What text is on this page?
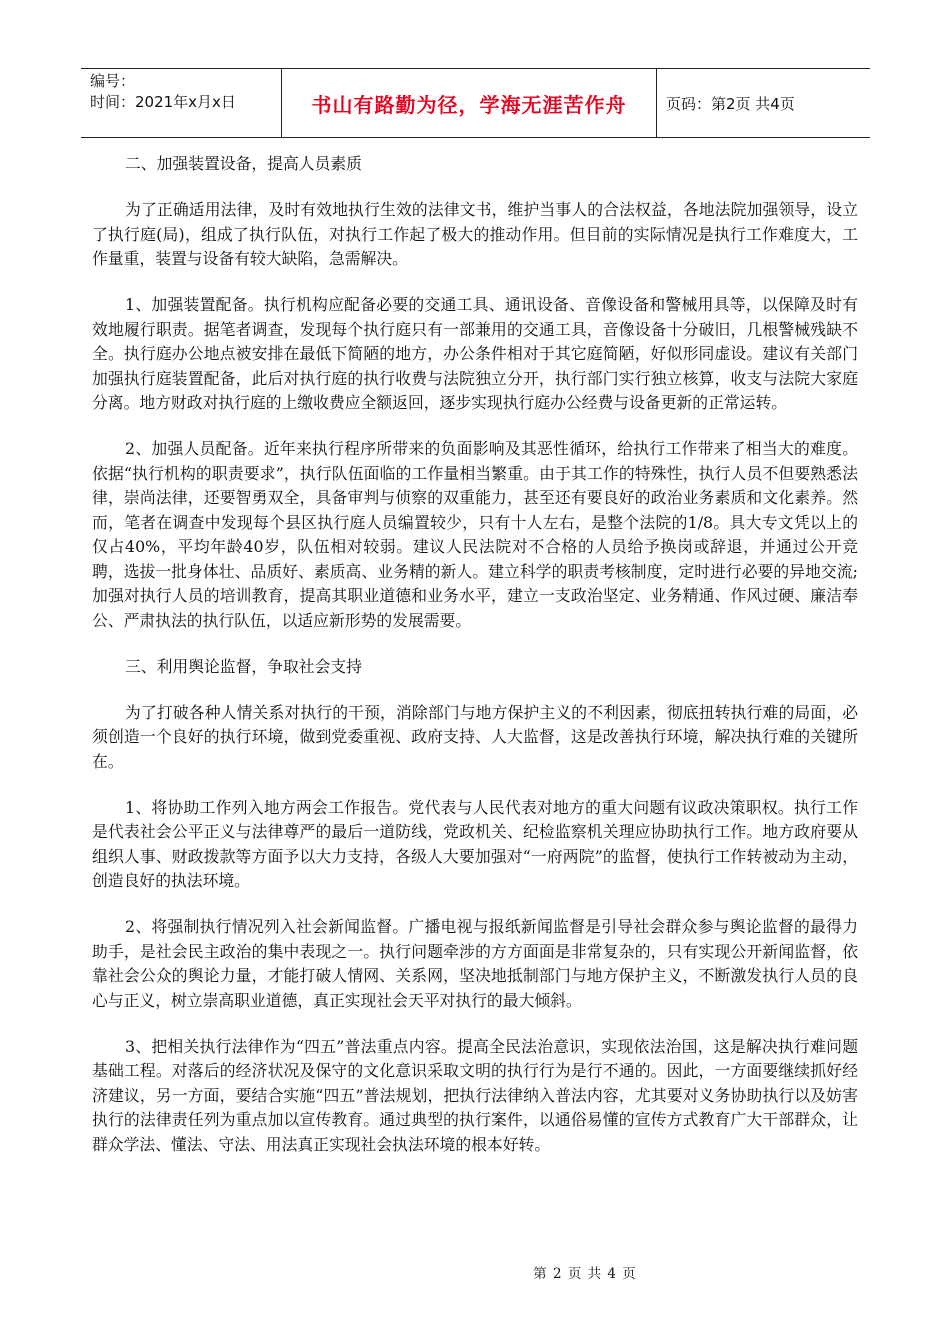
编号：
时间：2021年x月x日	书山有路勤为径，学海无涯苦作舟	页码：第2页 共4页

二、加强装置设备，提高人员素质

为了正确适用法律，及时有效地执行生效的法律文书，维护当事人的合法权益，各地法院加强领导，设立了执行庭(局)，组成了执行队伍，对执行工作起了极大的推动作用。但目前的实际情况是执行工作难度大，工作量重，装置与设备有较大缺陷，急需解决。

1、加强装置配备。执行机构应配备必要的交通工具、通讯设备、音像设备和警械用具等，以保障及时有效地履行职责。据笔者调查，发现每个执行庭只有一部兼用的交通工具，音像设备十分破旧，几根警械残缺不全。执行庭办公地点被安排在最低下简陋的地方，办公条件相对于其它庭简陋，好似形同虚设。建议有关部门加强执行庭装置配备，此后对执行庭的执行收费与法院独立分开，执行部门实行独立核算，收支与法院大家庭分离。地方财政对执行庭的上缴收费应全额返回，逐步实现执行庭办公经费与设备更新的正常运转。

2、加强人员配备。近年来执行程序所带来的负面影响及其恶性循环，给执行工作带来了相当大的难度。依据“执行机构的职责要求”，执行队伍面临的工作量相当繁重。由于其工作的特殊性，执行人员不但要熟悉法律，崇尚法律，还要智勇双全，具备审判与侦察的双重能力，甚至还有要良好的政治业务素质和文化素养。然而，笔者在调查中发现每个县区执行庭人员编置较少，只有十人左右，是整个法院的1/8。具大专文凭以上的仅占40%，平均年龄40岁，队伍相对较弱。建议人民法院对不合格的人员给予换岗或辞退，并通过公开竞聘，选拔一批身体壮、品质好、素质高、业务精的新人。建立科学的职责考核制度，定时进行必要的异地交流;加强对执行人员的培训教育，提高其职业道德和业务水平，建立一支政治坚定、业务精通、作风过硬、廉洁奉公、严肃执法的执行队伍，以适应新形势的发展需要。

三、利用舆论监督，争取社会支持

为了打破各种人情关系对执行的干预，消除部门与地方保护主义的不利因素，彻底扭转执行难的局面，必须创造一个良好的执行环境，做到党委重视、政府支持、人大监督，这是改善执行环境，解决执行难的关键所在。

1、将协助工作列入地方两会工作报告。党代表与人民代表对地方的重大问题有议政决策职权。执行工作是代表社会公平正义与法律尊严的最后一道防线，党政机关、纪检监察机关理应协助执行工作。地方政府要从组织人事、财政拨款等方面予以大力支持，各级人大要加强对“一府两院”的监督，使执行工作转被动为主动，创造良好的执法环境。

2、将强制执行情况列入社会新闻监督。广播电视与报纸新闻监督是引导社会群众参与舆论监督的最得力助手，是社会民主政治的集中表现之一。执行问题牵涉的方方面面是非常复杂的，只有实现公开新闻监督，依靠社会公众的舆论力量，才能打破人情网、关系网，坚决地抵制部门与地方保护主义，不断激发执行人员的良心与正义，树立崇高职业道德，真正实现社会天平对执行的最大倾斜。

3、把相关执行法律作为“四五”普法重点内容。提高全民法治意识，实现依法治国，这是解决执行难问题基础工程。对落后的经济状况及保守的文化意识采取文明的执行行为是行不通的。因此，一方面要继续抓好经济建议，另一方面，要结合实施“四五”普法规划，把执行法律纳入普法内容，尤其要对义务协助执行以及妨害执行的法律责任列为重点加以宣传教育。通过典型的执行案件，以通俗易懂的宣传方式教育广大干部群众，让群众学法、懂法、守法、用法真正实现社会执法环境的根本好转。

第 2 页 共 4 页
